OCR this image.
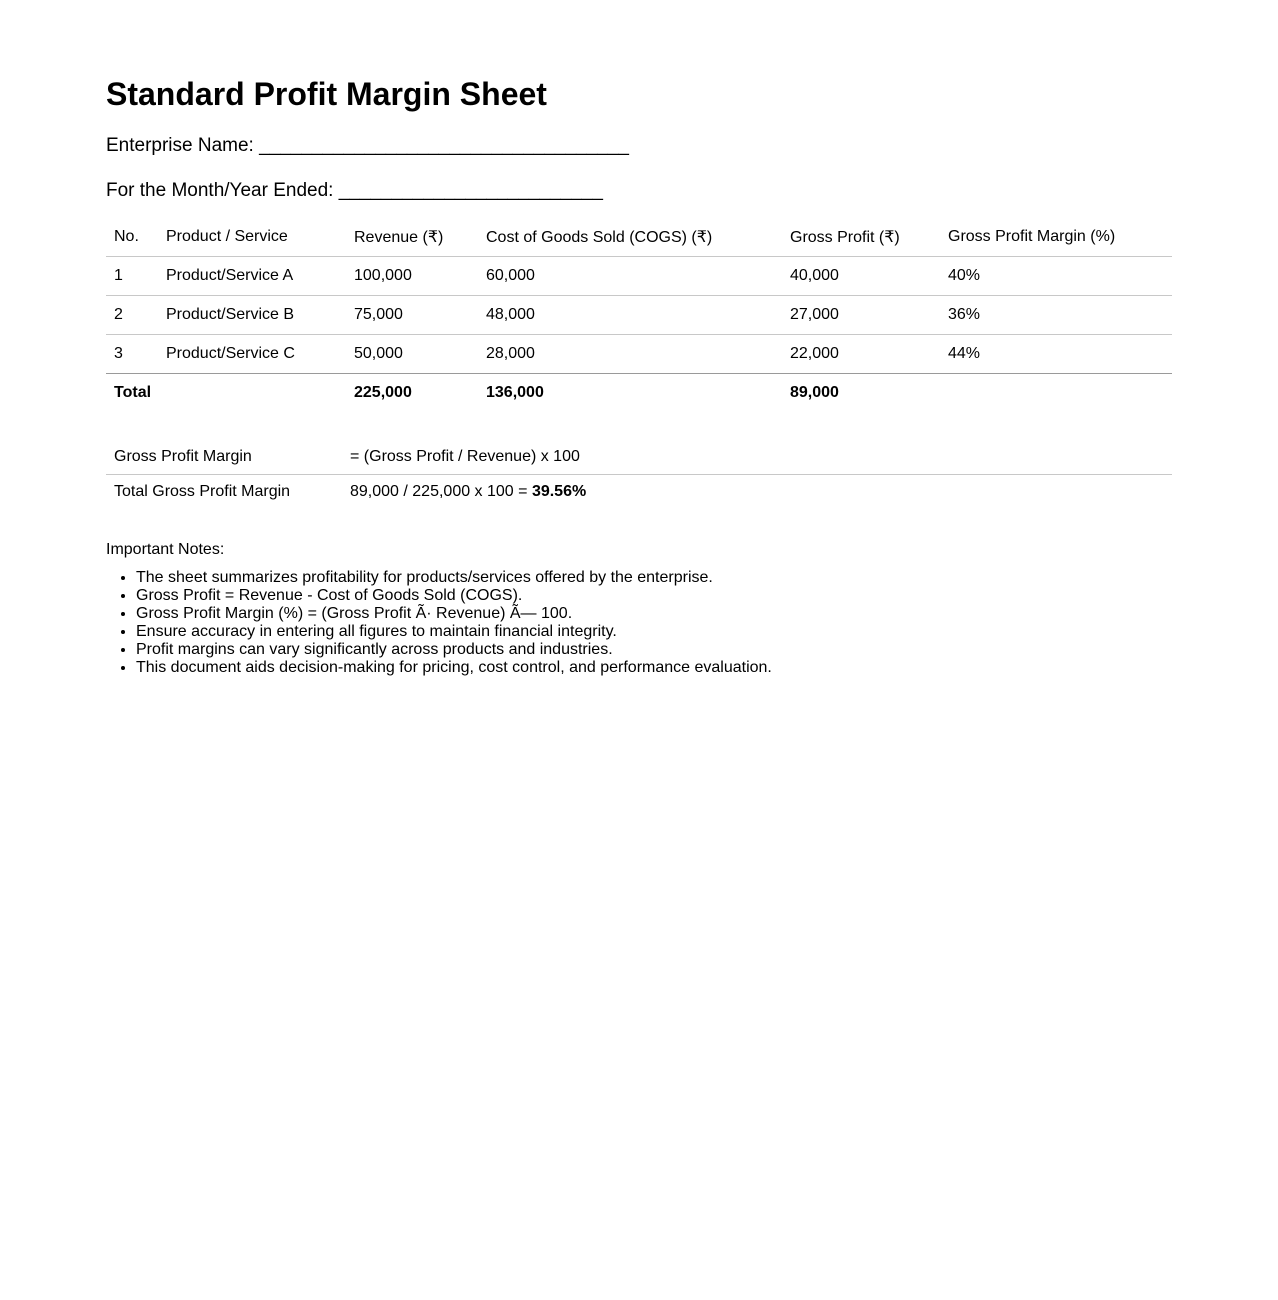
Standard Profit Margin Sheet

Enterprise Name: ___________________________________

For the Month/Year Ended: _________________________

No.	Product / Service	Revenue (₹)	Cost of Goods Sold (COGS) (₹)	Gross Profit (₹)	Gross Profit Margin (%)
1	Product/Service A	100,000	60,000	40,000	40%
2	Product/Service B	75,000	48,000	27,000	36%
3	Product/Service C	50,000	28,000	22,000	44%
Total		225,000	136,000	89,000	
Gross Profit Margin	= (Gross Profit / Revenue) x 100
Total Gross Profit Margin	89,000 / 225,000 x 100 = 39.56%

Important Notes:

• The sheet summarizes profitability for products/services offered by the enterprise.
• Gross Profit = Revenue - Cost of Goods Sold (COGS).
• Gross Profit Margin (%) = (Gross Profit Ã· Revenue) Ã— 100.
• Ensure accuracy in entering all figures to maintain financial integrity.
• Profit margins can vary significantly across products and industries.
• This document aids decision-making for pricing, cost control, and performance evaluation.
